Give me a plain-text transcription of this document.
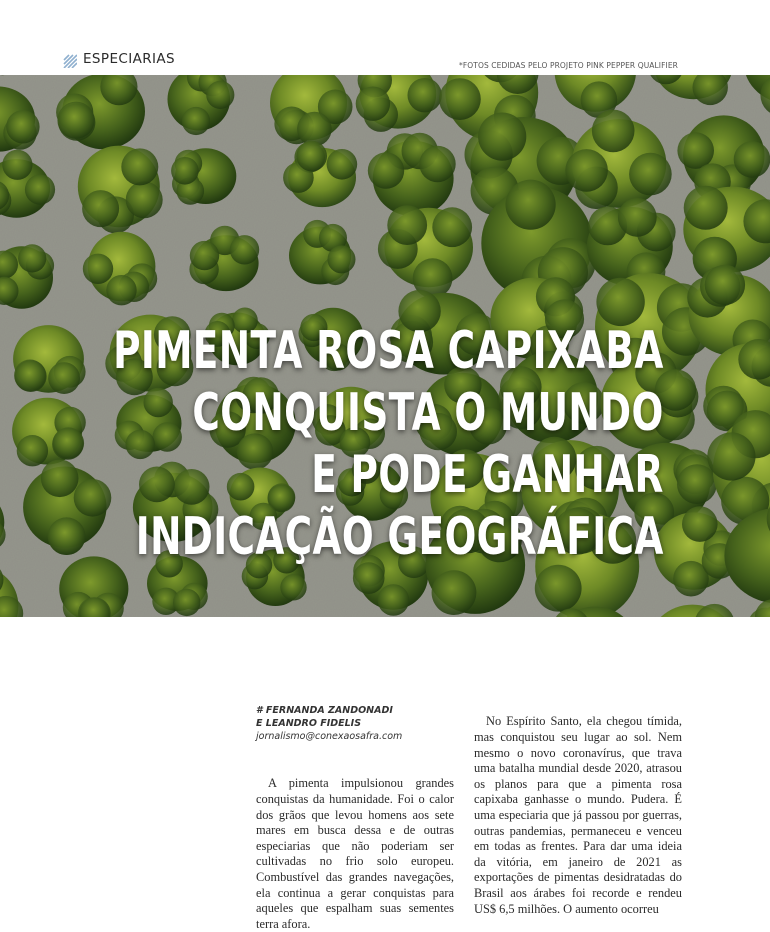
ESPECIARIAS	*FOTOS CEDIDAS PELO PROJETO PINK PEPPER QUALIFIER
PIMENTA ROSA CAPIXABA
CONQUISTA O MUNDO
E PODE GANHAR
INDICAÇÃO GEOGRÁFICA
# FERNANDA ZANDONADI
E LEANDRO FIDELIS
jornalismo@conexaosafra.com

A pimenta impulsionou grandes conquistas da humanidade. Foi o calor dos grãos que levou homens aos sete mares em busca dessa e de outras especiarias que não poderiam ser cultivadas no frio solo europeu. Combustível das grandes navegações, ela continua a gerar conquistas para aqueles que espalham suas sementes terra afora.

No Espírito Santo, ela chegou tímida, mas conquistou seu lugar ao sol. Nem mesmo o novo coronavírus, que trava uma batalha mundial desde 2020, atrasou os planos para que a pimenta rosa capixaba ganhasse o mundo. Pudera. É uma especiaria que já passou por guerras, outras pandemias, permaneceu e venceu em todas as frentes. Para dar uma ideia da vitória, em janeiro de 2021 as exportações de pimentas desidratadas do Brasil aos árabes foi recorde e rendeu US$ 6,5 milhões. O aumento ocorreu
